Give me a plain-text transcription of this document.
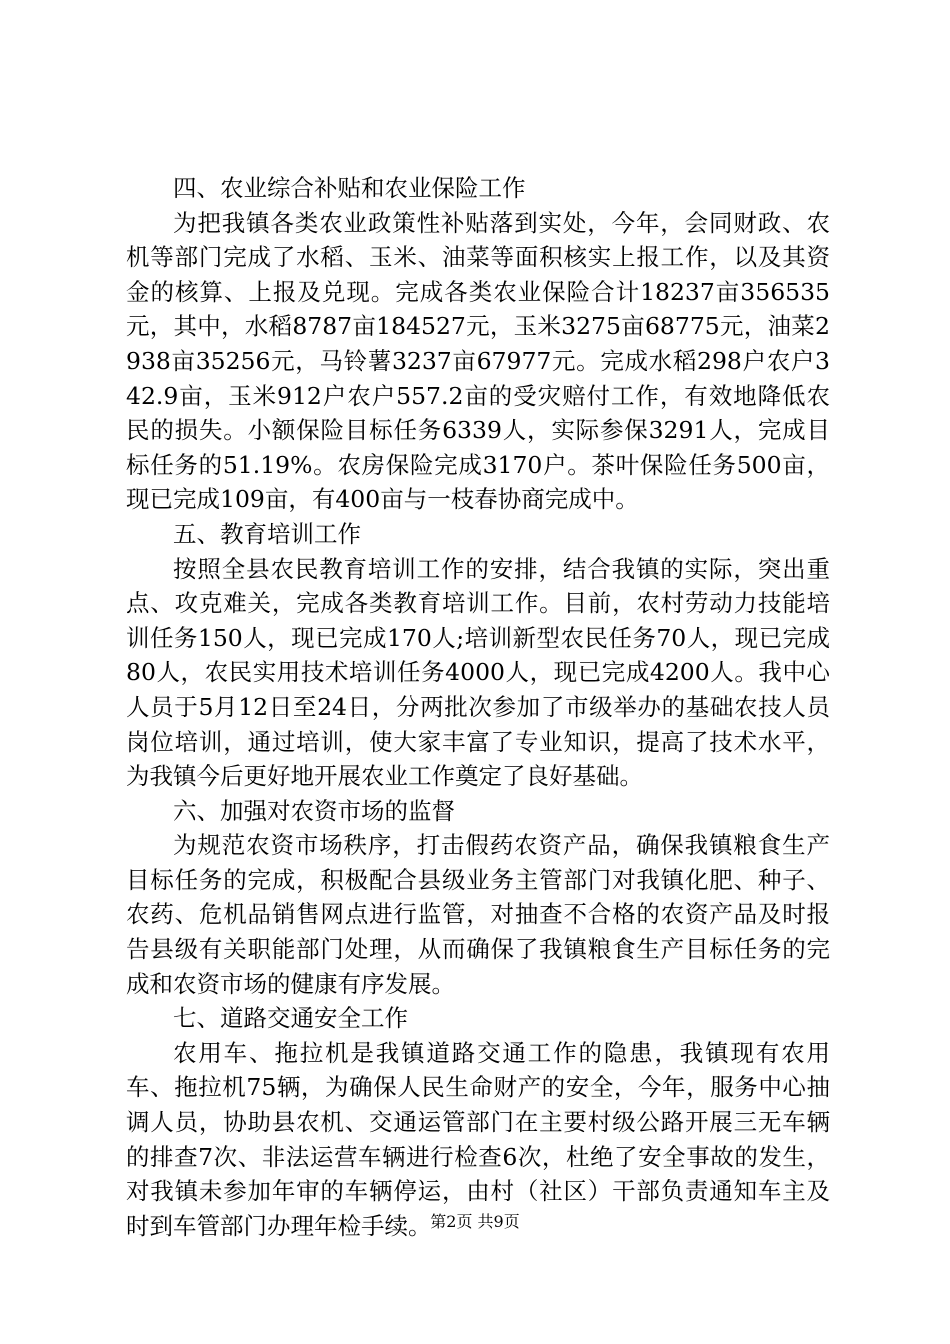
四、农业综合补贴和农业保险工作

为把我镇各类农业政策性补贴落到实处，今年，会同财政、农机等部门完成了水稻、玉米、油菜等面积核实上报工作，以及其资金的核算、上报及兑现。完成各类农业保险合计18237亩356535元，其中，水稻8787亩184527元，玉米3275亩68775元，油菜2938亩35256元，马铃薯3237亩67977元。完成水稻298户农户342.9亩，玉米912户农户557.2亩的受灾赔付工作，有效地降低农民的损失。小额保险目标任务6339人，实际参保3291人，完成目标任务的51.19%。农房保险完成3170户。茶叶保险任务500亩，现已完成109亩，有400亩与一枝春协商完成中。

五、教育培训工作

按照全县农民教育培训工作的安排，结合我镇的实际，突出重点、攻克难关，完成各类教育培训工作。目前，农村劳动力技能培训任务150人，现已完成170人;培训新型农民任务70人，现已完成80人，农民实用技术培训任务4000人，现已完成4200人。我中心人员于5月12日至24日，分两批次参加了市级举办的基础农技人员岗位培训，通过培训，使大家丰富了专业知识，提高了技术水平，为我镇今后更好地开展农业工作奠定了良好基础。

六、加强对农资市场的监督

为规范农资市场秩序，打击假药农资产品，确保我镇粮食生产目标任务的完成，积极配合县级业务主管部门对我镇化肥、种子、农药、危机品销售网点进行监管，对抽查不合格的农资产品及时报告县级有关职能部门处理，从而确保了我镇粮食生产目标任务的完成和农资市场的健康有序发展。

七、道路交通安全工作

农用车、拖拉机是我镇道路交通工作的隐患，我镇现有农用车、拖拉机75辆，为确保人民生命财产的安全，今年，服务中心抽调人员，协助县农机、交通运管部门在主要村级公路开展三无车辆的排查7次、非法运营车辆进行检查6次，杜绝了安全事故的发生，对我镇未参加年审的车辆停运，由村（社区）干部负责通知车主及时到车管部门办理年检手续。

第2页 共9页
